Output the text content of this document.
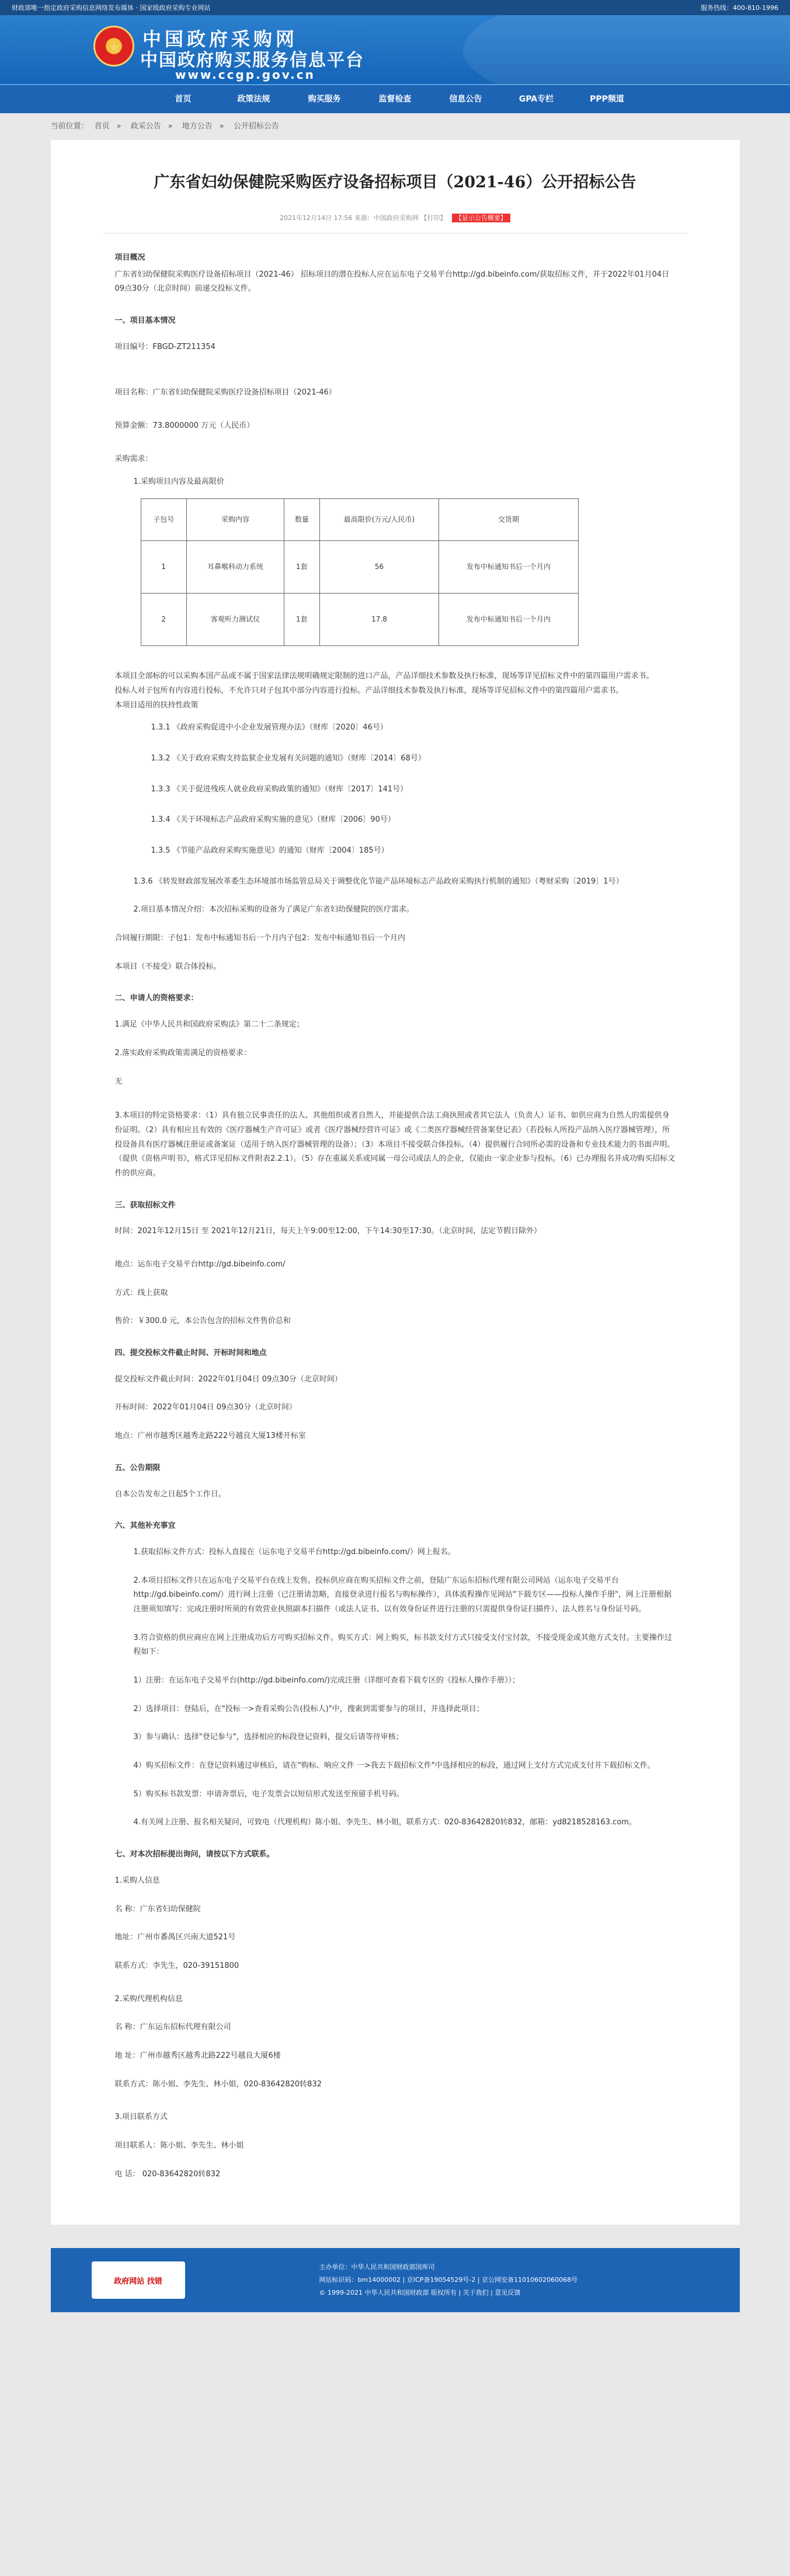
财政部唯一指定政府采购信息网络发布媒体 · 国家级政府采购专业网站	服务热线：400-810-1996
★ 中国政府采购网
中国政府购买服务信息平台
www.ccgp.gov.cn
首页	政策法规	购买服务	监督检查	信息公告	GPA专栏	PPP频道
当前位置： 首页 » 政采公告 » 地方公告 » 公开招标公告
广东省妇幼保健院采购医疗设备招标项目（2021-46）公开招标公告
2021年12月14日 17:56 来源：中国政府采购网 【打印】 【显示公告概要】

项目概况

广东省妇幼保健院采购医疗设备招标项目（2021-46） 招标项目的潜在投标人应在运东电子交易平台http://gd.bibeinfo.com/获取招标文件，并于2022年01月04日 09点30分（北京时间）前递交投标文件。

一、项目基本情况

项目编号：FBGD-ZT211354

项目名称：广东省妇幼保健院采购医疗设备招标项目（2021-46）

预算金额：73.8000000 万元（人民币）

采购需求：

1.采购项目内容及最高限价

子包号	采购内容	数量	最高限价(万元/人民币)	交货期
1	耳鼻喉科动力系统	1套	56	发布中标通知书后一个月内
2	客观听力测试仪	1套	17.8	发布中标通知书后一个月内

本项目全部标的可以采购本国产品或不属于国家法律法规明确规定限制的进口产品，产品详细技术参数及执行标准，现场等详见招标文件中的第四篇用户需求书。

投标人对子包所有内容进行投标，不允许只对子包其中部分内容进行投标。产品详细技术参数及执行标准，现场等详见招标文件中的第四篇用户需求书。

本项目适用的扶持性政策

1.3.1 《政府采购促进中小企业发展管理办法》（财库〔2020〕46号）

1.3.2 《关于政府采购支持监狱企业发展有关问题的通知》（财库〔2014〕68号）

1.3.3 《关于促进残疾人就业政府采购政策的通知》（财库〔2017〕141号）

1.3.4 《关于环境标志产品政府采购实施的意见》（财库〔2006〕90号）

1.3.5 《节能产品政府采购实施意见》的通知（财库〔2004〕185号）

1.3.6 《转发财政部发展改革委生态环境部市场监管总局关于调整优化节能产品环境标志产品政府采购执行机制的通知》（粤财采购〔2019〕1号）

2.项目基本情况介绍：本次招标采购的设备为了满足广东省妇幼保健院的医疗需求。

合同履行期限：子包1：发布中标通知书后一个月内子包2：发布中标通知书后一个月内

本项目（不接受）联合体投标。

二、申请人的资格要求：

1.满足《中华人民共和国政府采购法》第二十二条规定；

2.落实政府采购政策需满足的资格要求：

无

3.本项目的特定资格要求：（1）具有独立民事责任的法人、其他组织或者自然人，并能提供合法工商执照或者其它法人（负责人）证书、如供应商为自然人的需提供身份证明。（2）具有相应且有效的《医疗器械生产许可证》或者《医疗器械经营许可证》或《二类医疗器械经营备案登记表》（若投标人所投产品纳入医疗器械管理），所投设备具有医疗器械注册证或备案证（适用于纳入医疗器械管理的设备）；（3）本项目不接受联合体投标。（4）提供履行合同所必需的设备和专业技术能力的书面声明。（提供《资格声明书》，格式详见招标文件附表2.2.1）。（5）存在重属关系或同属一母公司或法人的企业，仅能由一家企业参与投标。（6）已办理报名并成功购买招标文件的供应商。

三、获取招标文件

时间：2021年12月15日 至 2021年12月21日，每天上午9:00至12:00，下午14:30至17:30。（北京时间，法定节假日除外）

地点：运东电子交易平台http://gd.bibeinfo.com/

方式：线上获取

售价：￥300.0 元，本公告包含的招标文件售价总和

四、提交投标文件截止时间、开标时间和地点

提交投标文件截止时间：2022年01月04日 09点30分（北京时间）

开标时间：2022年01月04日 09点30分（北京时间）

地点：广州市越秀区越秀北路222号越良大厦13楼开标室

五、公告期限

自本公告发布之日起5个工作日。

六、其他补充事宜

1.获取招标文件方式：投标人直接在（运东电子交易平台http://gd.bibeinfo.com/）网上报名。

2.本项目招标文件只在运东电子交易平台在线上发售。投标供应商在购买招标文件之前，登陆广东运东招标代理有限公司网站（运东电子交易平台http://gd.bibeinfo.com/）进行网上注册（已注册请忽略，直接登录进行报名与购标操作），具体流程操作见网站"下载专区——投标人操作手册"，网上注册根据注册须知填写：完成注册时所须的有效营业执照副本扫描件（或法人证书、以有效身份证件进行注册的只需提供身份证扫描件）、法人姓名与身份证号码。

3.符合资格的供应商应在网上注册成功后方可购买招标文件。购买方式：网上购买，标书款支付方式只接受支付宝付款，不接受现金或其他方式支付。主要操作过程如下：

1）注册：在运东电子交易平台(http://gd.bibeinfo.com/)完成注册（详细可查看下载专区的《投标人操作手册》）；

2）选择项目：登陆后，在"投标一>查看采购公告(投标人)"中，搜索到需要参与的项目，并选择此项目；

3）参与确认：选择"登记参与"，选择相应的标段登记资料，提交后请等待审核；

4）购买招标文件：在登记资料通过审核后，请在"购标、响应文件 一>我去下载招标文件"中选择相应的标段，通过网上支付方式完成支付并下载招标文件。

5）购买标书款发票：申请奔票后，电子发票会以短信形式发送至预留手机号码。

4.有关网上注册、报名相关疑问，可致电（代理机构）陈小姐、李先生、林小姐，联系方式：020-83642820转832，邮箱：yd8218528163.com。

七、对本次招标提出询问，请按以下方式联系。

1.采购人信息

名 称：广东省妇幼保健院

地址：广州市番禺区兴南大道521号

联系方式：李先生，020-39151800

2.采购代理机构信息

名 称：广东运东招标代理有限公司

地 址：广州市越秀区越秀北路222号越良大厦6楼

联系方式：陈小姐、李先生、林小姐，020-83642820转832

3.项目联系方式

项目联系人：陈小姐、李先生、林小姐

电 话： 020-83642820转832

政府网站 找错
主办单位：中华人民共和国财政部国库司
网站标识码：bm14000002 | 京ICP备19054529号-2 | 京公网安备11010602060068号
© 1999-2021 中华人民共和国财政部 版权所有 | 关于我们 | 意见反馈
